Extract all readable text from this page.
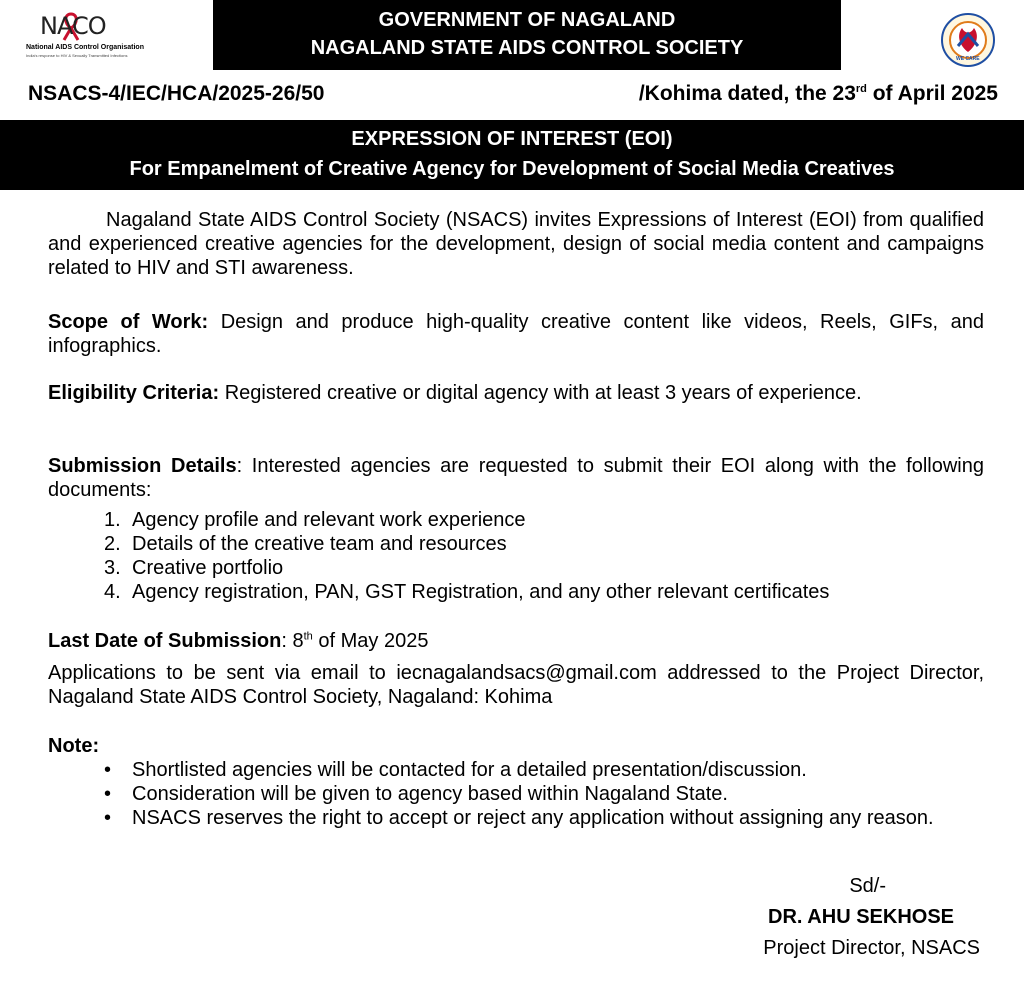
NACO
National AIDS Control Organisation
India's response to HIV & Sexually Transmitted Infections
GOVERNMENT OF NAGALAND
NAGALAND STATE AIDS CONTROL SOCIETY	WE CARE
NSACS-4/IEC/HCA/2025-26/50	/Kohima dated, the 23rd of April 2025
EXPRESSION OF INTEREST (EOI)
For Empanelment of Creative Agency for Development of Social Media Creatives
Nagaland State AIDS Control Society (NSACS) invites Expressions of Interest (EOI) from qualified and experienced creative agencies for the development, design of social media content and campaigns related to HIV and STI awareness.
Scope of Work: Design and produce high-quality creative content like videos, Reels, GIFs, and infographics.
Eligibility Criteria: Registered creative or digital agency with at least 3 years of experience.
Submission Details: Interested agencies are requested to submit their EOI along with the following documents:
1. Agency profile and relevant work experience
2. Details of the creative team and resources
3. Creative portfolio
4. Agency registration, PAN, GST Registration, and any other relevant certificates
Last Date of Submission: 8th of May 2025
Applications to be sent via email to iecnagalandsacs@gmail.com addressed to the Project Director, Nagaland State AIDS Control Society, Nagaland: Kohima
Note:
• Shortlisted agencies will be contacted for a detailed presentation/discussion.
• Consideration will be given to agency based within Nagaland State.
• NSACS reserves the right to accept or reject any application without assigning any reason.
Sd/-
DR. AHU SEKHOSE
Project Director, NSACS
